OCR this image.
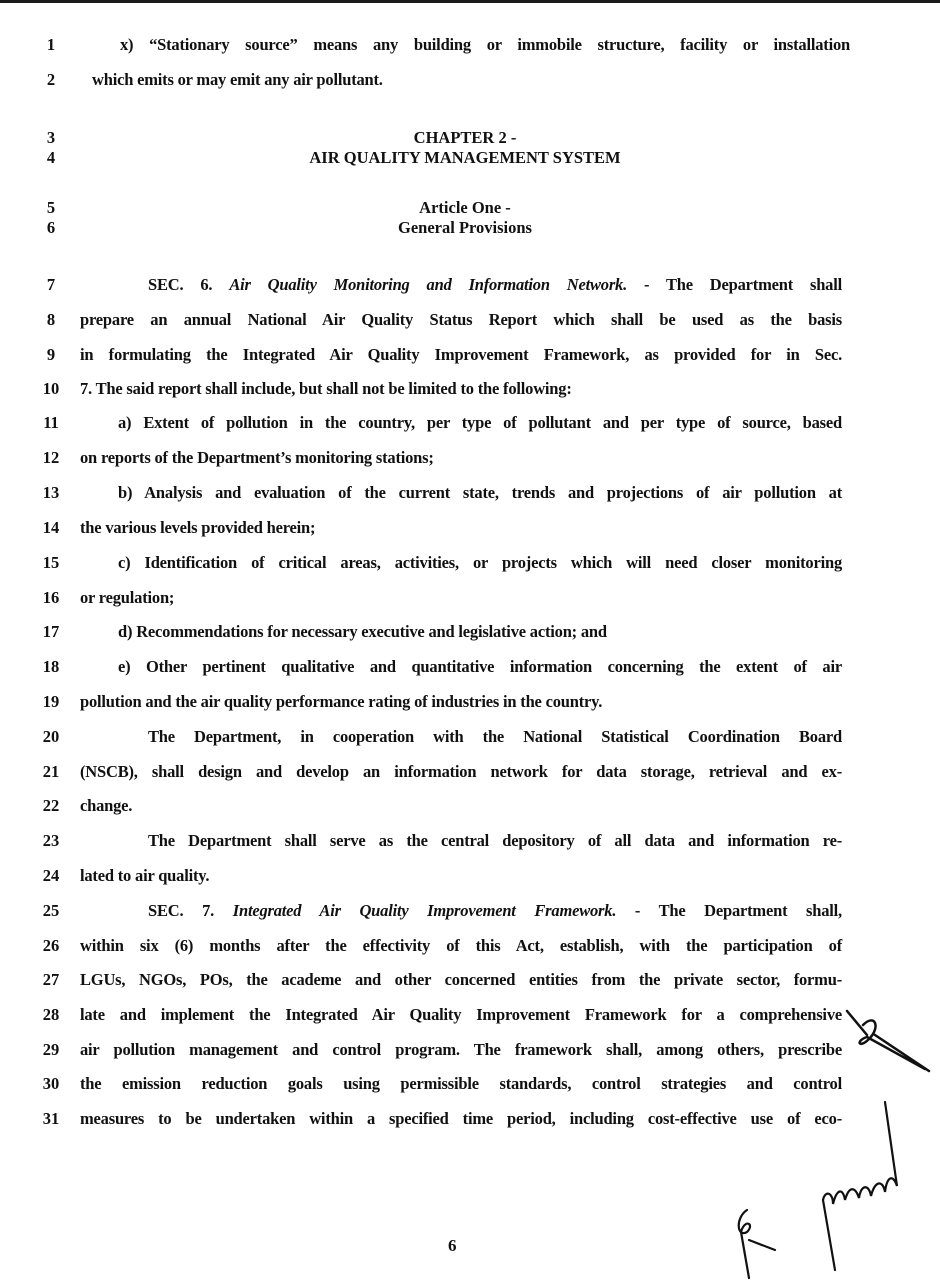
1	x) “Stationary source” means any building or immobile structure, facility or installation
2	which emits or may emit any air pollutant.
3	CHAPTER 2 -
4	AIR QUALITY MANAGEMENT SYSTEM
5	Article One -
6	General Provisions
7	SEC. 6. Air Quality Monitoring and Information Network. - The Department shall
8	prepare an annual National Air Quality Status Report which shall be used as the basis
9	in formulating the Integrated Air Quality Improvement Framework, as provided for in Sec.
10	7. The said report shall include, but shall not be limited to the following:
11	a) Extent of pollution in the country, per type of pollutant and per type of source, based
12	on reports of the Department’s monitoring stations;
13	b) Analysis and evaluation of the current state, trends and projections of air pollution at
14	the various levels provided herein;
15	c) Identification of critical areas, activities, or projects which will need closer monitoring
16	or regulation;
17	d) Recommendations for necessary executive and legislative action; and
18	e) Other pertinent qualitative and quantitative information concerning the extent of air
19	pollution and the air quality performance rating of industries in the country.
20	The Department, in cooperation with the National Statistical Coordination Board
21	(NSCB), shall design and develop an information network for data storage, retrieval and ex-
22	change.
23	The Department shall serve as the central depository of all data and information re-
24	lated to air quality.
25	SEC. 7. Integrated Air Quality Improvement Framework. - The Department shall,
26	within six (6) months after the effectivity of this Act, establish, with the participation of
27	LGUs, NGOs, POs, the academe and other concerned entities from the private sector, formu-
28	late and implement the Integrated Air Quality Improvement Framework for a comprehensive
29	air pollution management and control program. The framework shall, among others, prescribe
30	the emission reduction goals using permissible standards, control strategies and control
31	measures to be undertaken within a specified time period, including cost-effective use of eco-
6
